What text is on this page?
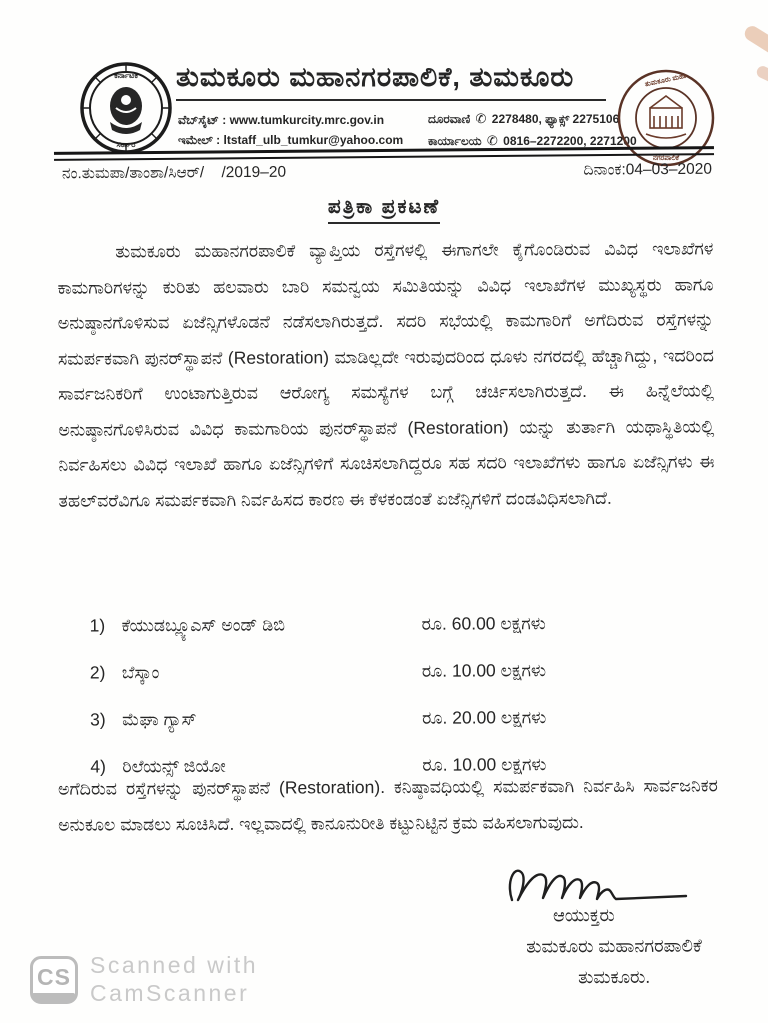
ಕರ್ನಾಟಕ
ಸರ್ಕಾರ
ತುಮಕೂರು ಮಹಾನಗರಪಾಲಿಕೆ, ತುಮಕೂರು
ವೆಬ್‌ಸೈಟ್ : www.tumkurcity.mrc.gov.in
ಇಮೇಲ್ : ltstaff_ulb_tumkur@yahoo.com
ದೂರವಾಣಿ ✆ 2278480, ಫ್ಯಾಕ್ಸ್ 2275106
ಕಾರ್ಯಾಲಯ ✆ 0816–2272200, 2271200
ತುಮಕೂರು ಮಹಾ
ನಗರಪಾಲಿಕೆ
ನಂ.ತುಮಪಾ/ತಾಂಶಾ/ಸಿಆರ್/    /2019–20	ದಿನಾಂಕ:04–03–2020
ಪತ್ರಿಕಾ ಪ್ರಕಟಣೆ
ತುಮಕೂರು ಮಹಾನಗರಪಾಲಿಕೆ ವ್ಯಾಪ್ತಿಯ ರಸ್ತೆಗಳಲ್ಲಿ ಈಗಾಗಲೇ ಕೈಗೊಂಡಿರುವ ವಿವಿಧ ಇಲಾಖೆಗಳ ಕಾಮಗಾರಿಗಳನ್ನು ಕುರಿತು ಹಲವಾರು ಬಾರಿ ಸಮನ್ವಯ ಸಮಿತಿಯನ್ನು ವಿವಿಧ ಇಲಾಖೆಗಳ ಮುಖ್ಯಸ್ಥರು ಹಾಗೂ ಅನುಷ್ಠಾನಗೊಳಿಸುವ ಏಜೆನ್ಸಿಗಳೊಡನೆ ನಡೆಸಲಾಗಿರುತ್ತದೆ. ಸದರಿ ಸಭೆಯಲ್ಲಿ ಕಾಮಗಾರಿಗೆ ಅಗೆದಿರುವ ರಸ್ತೆಗಳನ್ನು ಸಮರ್ಪಕವಾಗಿ ಪುನರ್‌ಸ್ಥಾಪನೆ (Restoration) ಮಾಡಿಲ್ಲದೇ ಇರುವುದರಿಂದ ಧೂಳು ನಗರದಲ್ಲಿ ಹೆಚ್ಚಾಗಿದ್ದು, ಇದರಿಂದ ಸಾರ್ವಜನಿಕರಿಗೆ ಉಂಟಾಗುತ್ತಿರುವ ಆರೋಗ್ಯ ಸಮಸ್ಯೆಗಳ ಬಗ್ಗೆ ಚರ್ಚಿಸಲಾಗಿರುತ್ತದೆ. ಈ ಹಿನ್ನೆಲೆಯಲ್ಲಿ ಅನುಷ್ಠಾನಗೊಳಿಸಿರುವ ವಿವಿಧ ಕಾಮಗಾರಿಯ ಪುನರ್‌ಸ್ಥಾಪನೆ (Restoration) ಯನ್ನು ತುರ್ತಾಗಿ ಯಥಾಸ್ಥಿತಿಯಲ್ಲಿ ನಿರ್ವಹಿಸಲು ವಿವಿಧ ಇಲಾಖೆ ಹಾಗೂ ಏಜೆನ್ಸಿಗಳಿಗೆ ಸೂಚಿಸಲಾಗಿದ್ದರೂ ಸಹ ಸದರಿ ಇಲಾಖೆಗಳು ಹಾಗೂ ಏಜೆನ್ಸಿಗಳು ಈ ತಹಲ್‌ವರೆವಿಗೂ ಸಮರ್ಪಕವಾಗಿ ನಿರ್ವಹಿಸದ ಕಾರಣ ಈ ಕೆಳಕಂಡಂತೆ ಏಜೆನ್ಸಿಗಳಿಗೆ ದಂಡವಿಧಿಸಲಾಗಿದೆ.
1) ಕೆಯುಡಬ್ಲ್ಯೂಎಸ್ ಅಂಡ್ ಡಿಬಿ	ರೂ. 60.00 ಲಕ್ಷಗಳು
2) ಬೆಸ್ಕಾಂ	ರೂ. 10.00 ಲಕ್ಷಗಳು
3) ಮೆಘಾ ಗ್ಯಾಸ್	ರೂ. 20.00 ಲಕ್ಷಗಳು
4) ರಿಲೆಯನ್ಸ್ ಜಿಯೋ	ರೂ. 10.00 ಲಕ್ಷಗಳು
ಅಗೆದಿರುವ ರಸ್ತೆಗಳನ್ನು ಪುನರ್‌ಸ್ಥಾಪನೆ (Restoration). ಕನಿಷ್ಠಾವಧಿಯಲ್ಲಿ ಸಮರ್ಪಕವಾಗಿ ನಿರ್ವಹಿಸಿ ಸಾರ್ವಜನಿಕರ ಅನುಕೂಲ ಮಾಡಲು ಸೂಚಿಸಿದೆ. ಇಲ್ಲವಾದಲ್ಲಿ ಕಾನೂನುರೀತಿ ಕಟ್ಟುನಿಟ್ಟಿನ ಕ್ರಮ ವಹಿಸಲಾಗುವುದು.
ಆಯುಕ್ತರು
ತುಮಕೂರು ಮಹಾನಗರಪಾಲಿಕೆ
ತುಮಕೂರು.
CS Scanned with
CamScanner
